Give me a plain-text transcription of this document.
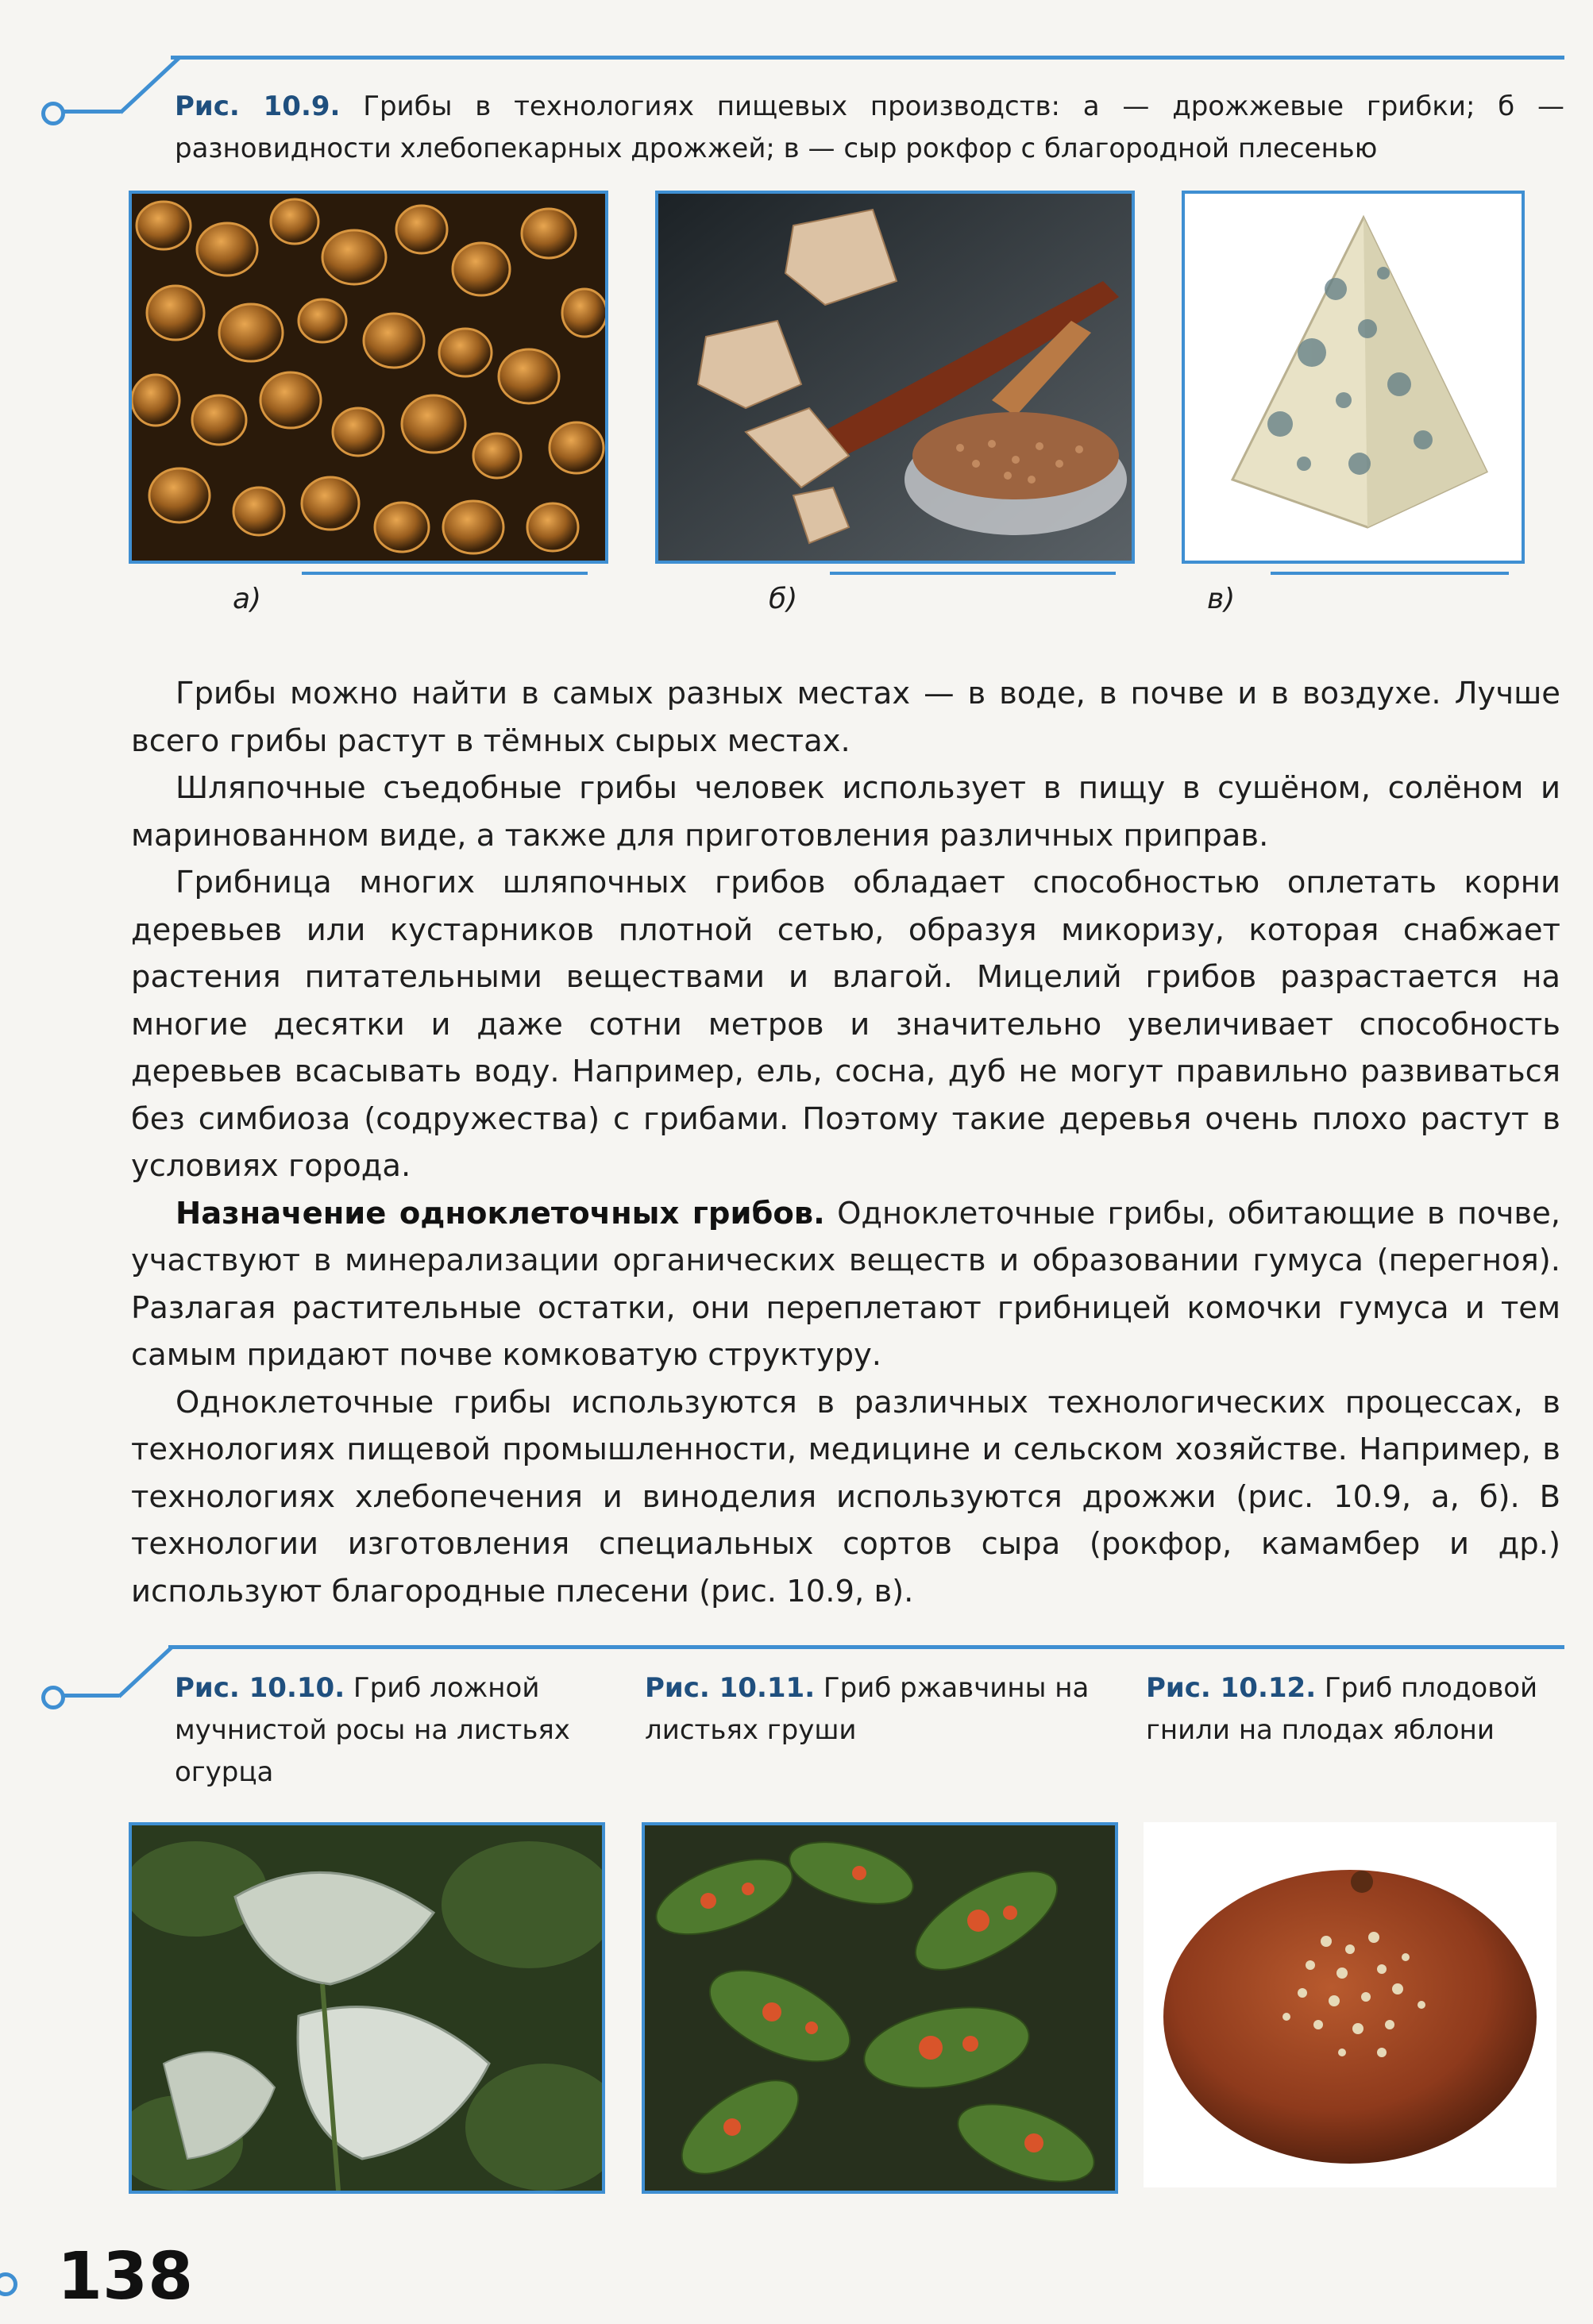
Рис. 10.9. Грибы в технологиях пищевых производств: а — дрожжевые грибки; б — разновидности хлебопекарных дрожжей; в — сыр рокфор с благородной плесенью
а)	б)	в)

Грибы можно найти в самых разных местах — в воде, в почве и в воздухе. Лучше всего грибы растут в тёмных сырых местах.

Шляпочные съедобные грибы человек использует в пищу в сушёном, солёном и маринованном виде, а также для приготовления различных приправ.

Грибница многих шляпочных грибов обладает способностью оплетать корни деревьев или кустарников плотной сетью, образуя микоризу, которая снабжает растения питательными веществами и влагой. Мицелий грибов разрастается на многие десятки и даже сотни метров и значительно увеличивает способность деревьев всасывать воду. Например, ель, сосна, дуб не могут правильно развиваться без симбиоза (содружества) с грибами. Поэтому такие деревья очень плохо растут в условиях города.

Назначение одноклеточных грибов. Одноклеточные грибы, обитающие в почве, участвуют в минерализации органических веществ и образовании гумуса (перегноя). Разлагая растительные остатки, они переплетают грибницей комочки гумуса и тем самым придают почве комковатую структуру.

Одноклеточные грибы используются в различных технологических процессах, в технологиях пищевой промышленности, медицине и сельском хозяйстве. Например, в технологиях хлебопечения и виноделия используются дрожжи (рис. 10.9, а, б). В технологии изготовления специальных сортов сыра (рокфор, камамбер и др.) используют благородные плесени (рис. 10.9, в).

Рис. 10.10. Гриб ложной мучнистой росы на листьях огурца
Рис. 10.11. Гриб ржавчины на листьях груши
Рис. 10.12. Гриб плодовой гнили на плодах яблони
138
